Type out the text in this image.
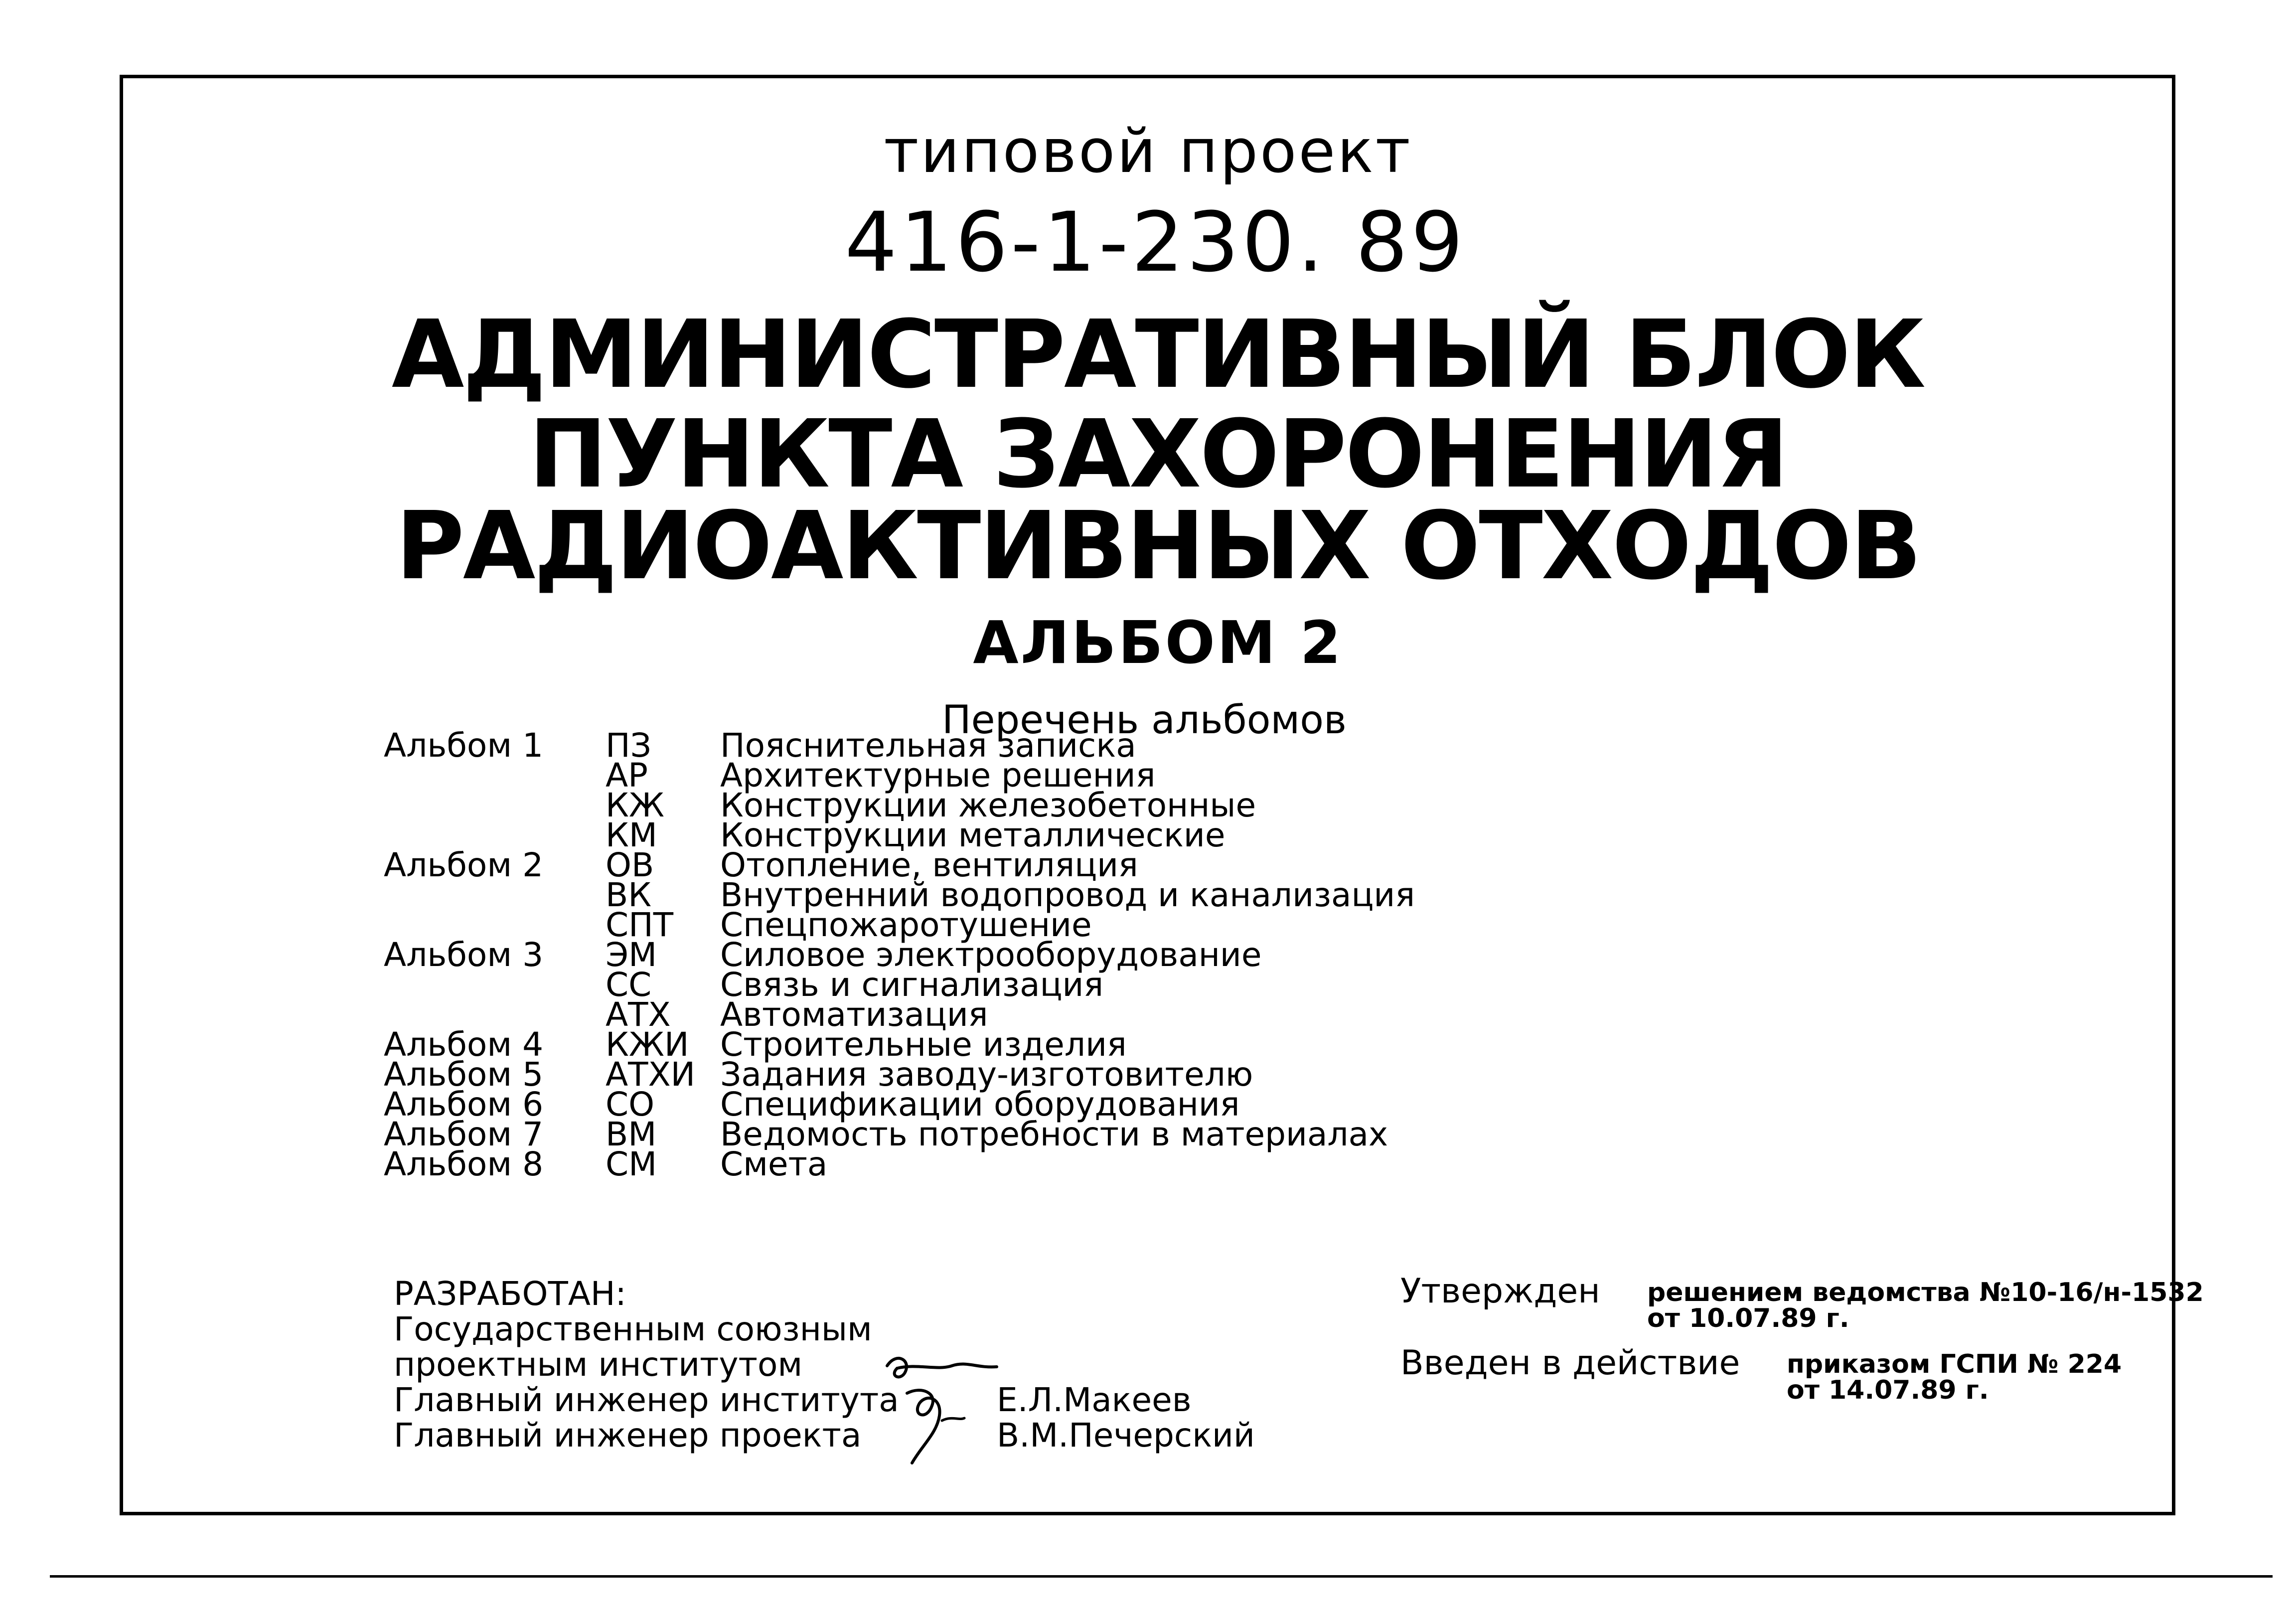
типовой проект
416-1-230. 89
АДМИНИСТРАТИВНЫЙ БЛОК
ПУНКТА ЗАХОРОНЕНИЯ
РАДИОАКТИВНЫХ ОТХОДОВ
АЛЬБОМ 2
Перечень альбомов
Альбом 1	ПЗ	Пояснительная записка
	АР	Архитектурные решения
	КЖ	Конструкции железобетонные
	КМ	Конструкции металлические
Альбом 2	ОВ	Отопление, вентиляция
	ВК	Внутренний водопровод и канализация
	СПТ	Спецпожаротушение
Альбом 3	ЭМ	Силовое электрооборудование
	СС	Связь и сигнализация
	АТХ	Автоматизация
Альбом 4	КЖИ	Строительные изделия
Альбом 5	АТХИ	Задания заводу-изготовителю
Альбом 6	СО	Спецификации оборудования
Альбом 7	ВМ	Ведомость потребности в материалах
Альбом 8	СМ	Смета
РАЗРАБОТАН:
Государственным союзным
проектным институтом
Главный инженер института	Е.Л.Макеев
Главный инженер проекта	В.М.Печерский
Утвержден	решением ведомства №10-16/н-1532
от 10.07.89 г.
Введен в действие	приказом ГСПИ № 224
от 14.07.89 г.
